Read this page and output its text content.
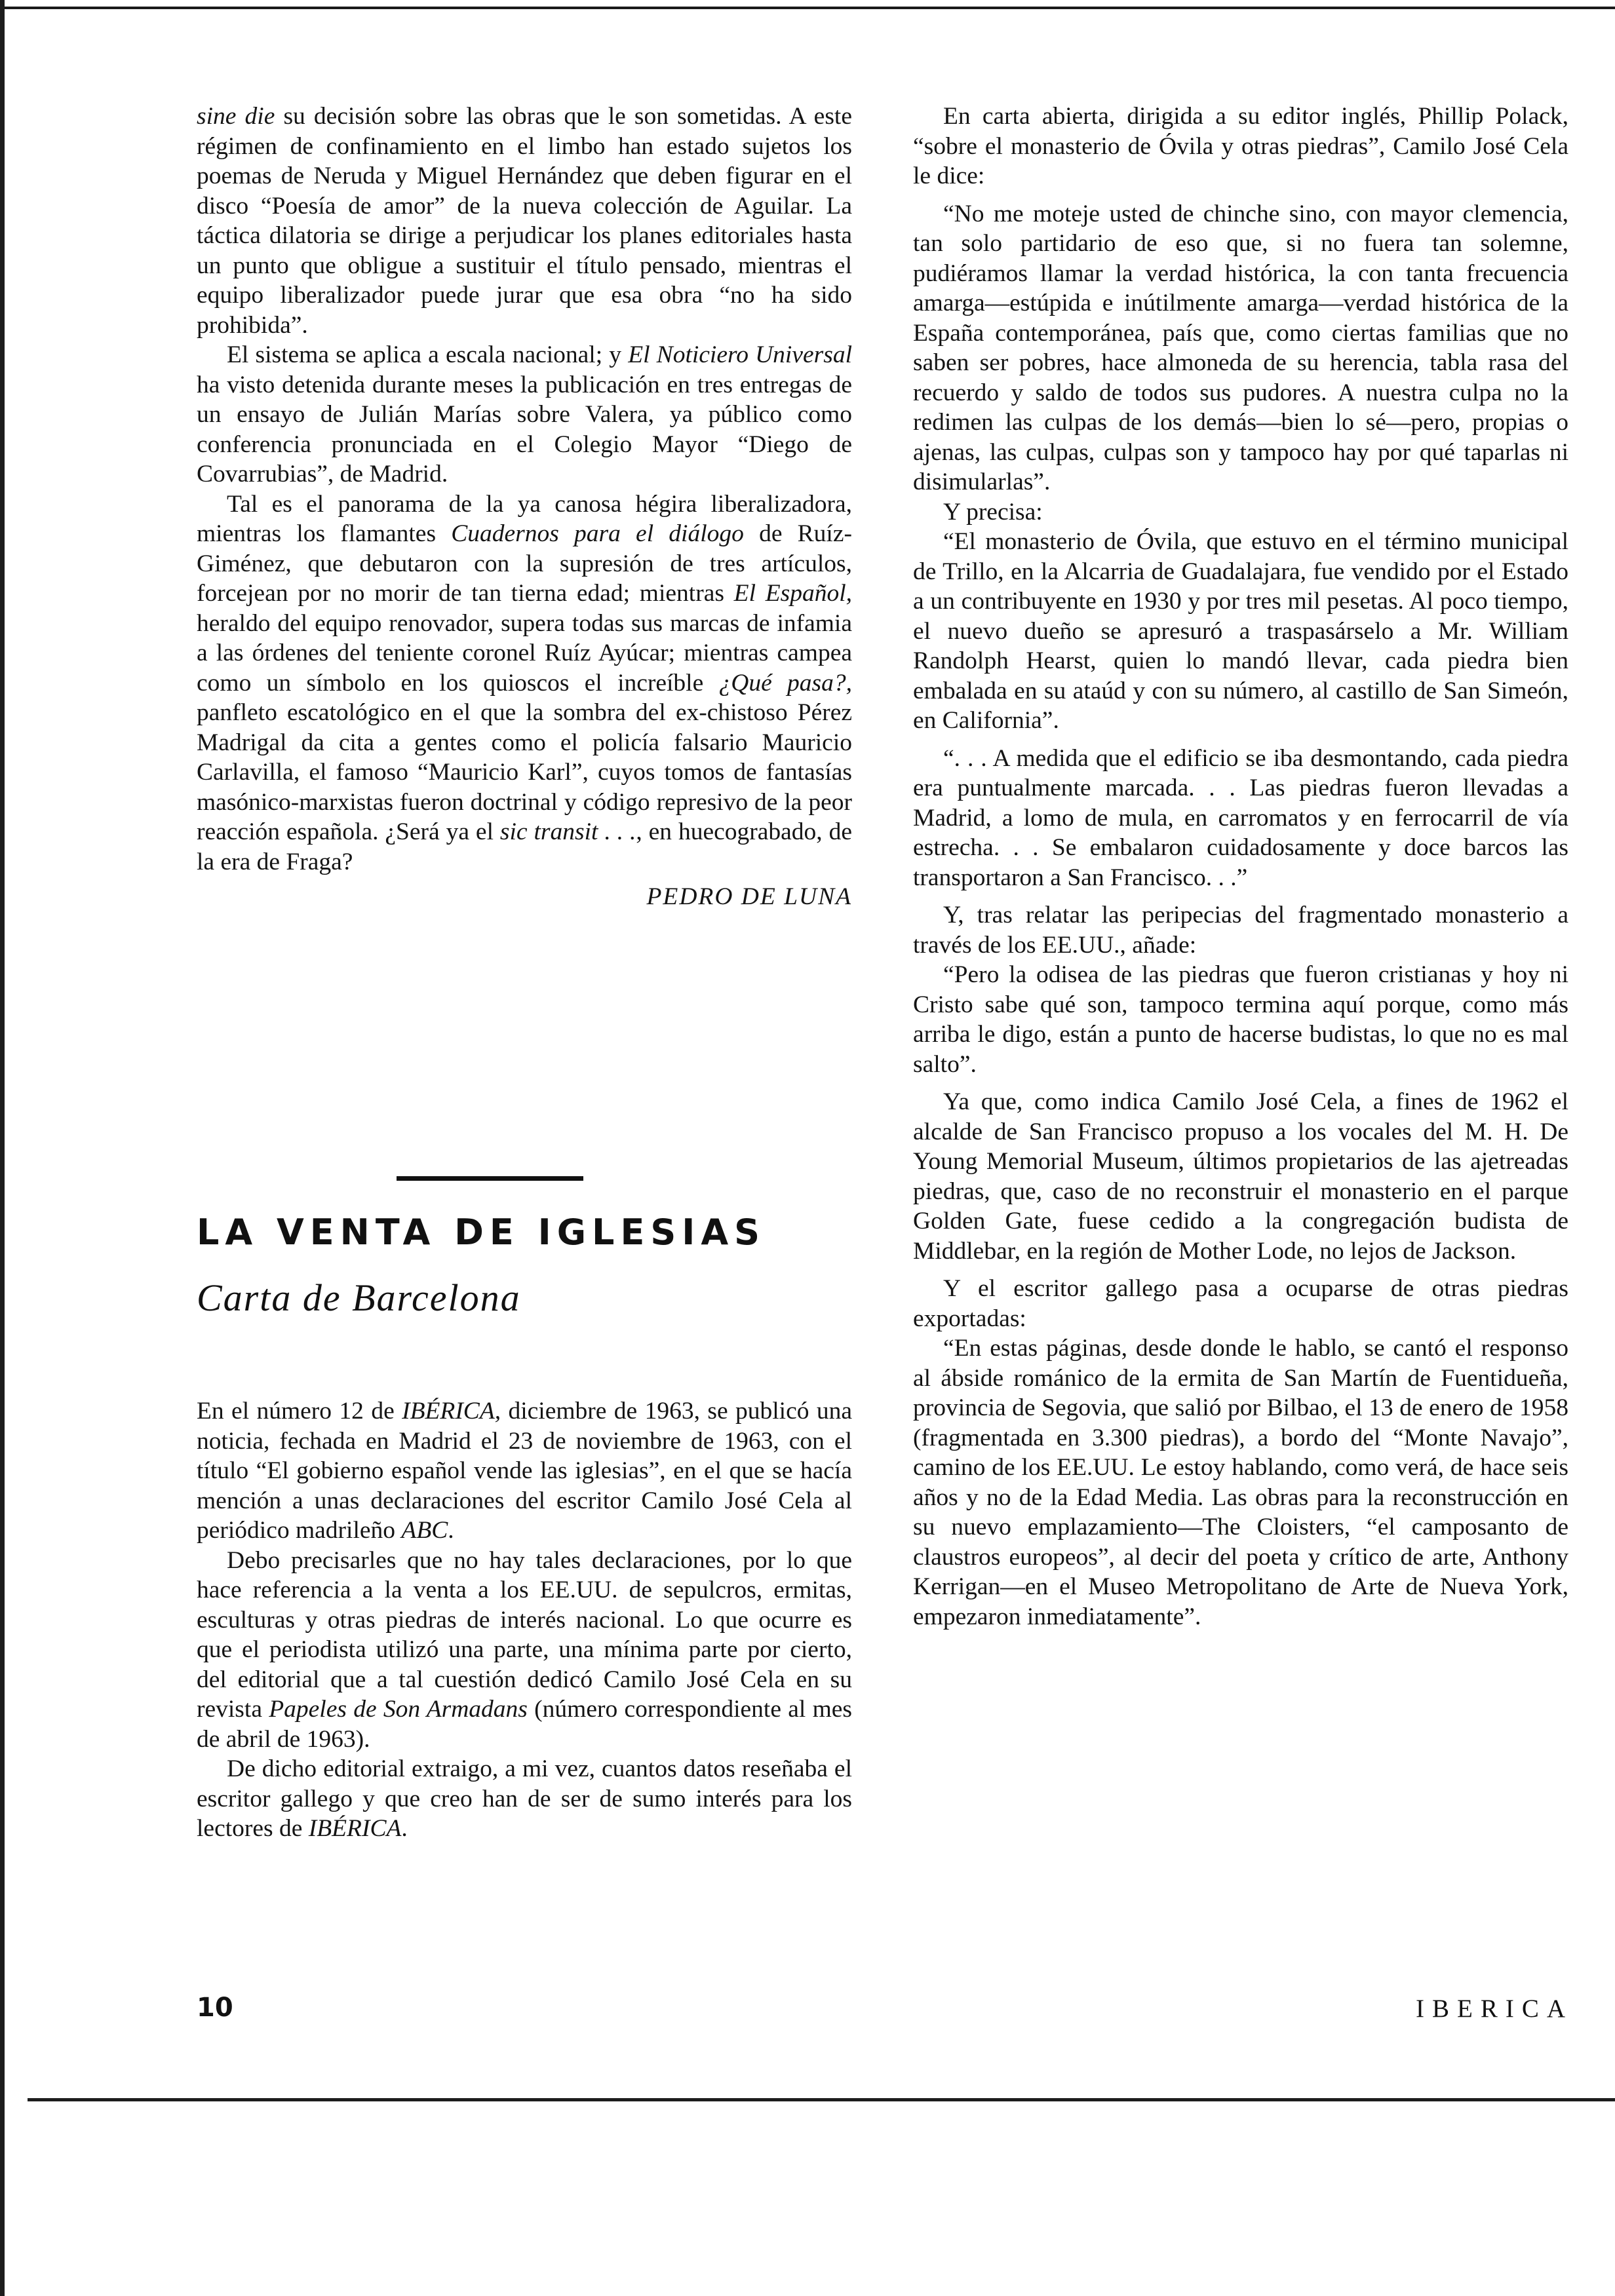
sine die su decisión sobre las obras que le son sometidas. A este régimen de confinamiento en el limbo han estado sujetos los poemas de Neruda y Miguel Hernández que deben figurar en el disco “Poesía de amor” de la nueva colección de Aguilar. La táctica dilatoria se dirige a perjudicar los planes editoriales hasta un punto que obligue a sustituir el título pensado, mientras el equipo liberalizador puede jurar que esa obra “no ha sido prohibida”.

El sistema se aplica a escala nacional; y El Noticiero Universal ha visto detenida durante meses la publicación en tres entregas de un ensayo de Julián Marías sobre Valera, ya público como conferencia pronunciada en el Colegio Mayor “Diego de Covarrubias”, de Madrid.

Tal es el panorama de la ya canosa hégira liberalizadora, mientras los flamantes Cuadernos para el diálogo de Ruíz-Giménez, que debutaron con la supresión de tres artículos, forcejean por no morir de tan tierna edad; mientras El Español, heraldo del equipo renovador, supera todas sus marcas de infamia a las órdenes del teniente coronel Ruíz Ayúcar; mientras campea como un símbolo en los quioscos el increíble ¿Qué pasa?, panfleto escatológico en el que la sombra del ex-chistoso Pérez Madrigal da cita a gentes como el policía falsario Mauricio Carlavilla, el famoso “Mauricio Karl”, cuyos tomos de fantasías masónico-marxistas fueron doctrinal y código represivo de la peor reacción española. ¿Será ya el sic transit . . ., en huecograbado, de la era de Fraga?

PEDRO DE LUNA
LA VENTA DE IGLESIAS
Carta de Barcelona

En el número 12 de IBÉRICA, diciembre de 1963, se publicó una noticia, fechada en Madrid el 23 de noviembre de 1963, con el título “El gobierno español vende las iglesias”, en el que se hacía mención a unas declaraciones del escritor Camilo José Cela al periódico madrileño ABC.

Debo precisarles que no hay tales declaraciones, por lo que hace referencia a la venta a los EE.UU. de sepulcros, ermitas, esculturas y otras piedras de interés nacional. Lo que ocurre es que el periodista utilizó una parte, una mínima parte por cierto, del editorial que a tal cuestión dedicó Camilo José Cela en su revista Papeles de Son Armadans (número correspondiente al mes de abril de 1963).

De dicho editorial extraigo, a mi vez, cuantos datos reseñaba el escritor gallego y que creo han de ser de sumo interés para los lectores de IBÉRICA.

En carta abierta, dirigida a su editor inglés, Phillip Polack, “sobre el monasterio de Óvila y otras piedras”, Camilo José Cela le dice:

“No me moteje usted de chinche sino, con mayor clemencia, tan solo partidario de eso que, si no fuera tan solemne, pudiéramos llamar la verdad histórica, la con tanta frecuencia amarga—estúpida e inútilmente amarga—verdad histórica de la España contemporánea, país que, como ciertas familias que no saben ser pobres, hace almoneda de su herencia, tabla rasa del recuerdo y saldo de todos sus pudores. A nuestra culpa no la redimen las culpas de los demás—bien lo sé—pero, propias o ajenas, las culpas, culpas son y tampoco hay por qué taparlas ni disimularlas”.

Y precisa:

“El monasterio de Óvila, que estuvo en el término municipal de Trillo, en la Alcarria de Guadalajara, fue vendido por el Estado a un contribuyente en 1930 y por tres mil pesetas. Al poco tiempo, el nuevo dueño se apresuró a traspasárselo a Mr. William Randolph Hearst, quien lo mandó llevar, cada piedra bien embalada en su ataúd y con su número, al castillo de San Simeón, en California”.

“. . . A medida que el edificio se iba desmontando, cada piedra era puntualmente marcada. . . Las piedras fueron llevadas a Madrid, a lomo de mula, en carromatos y en ferrocarril de vía estrecha. . . Se embalaron cuidadosamente y doce barcos las transportaron a San Francisco. . .”

Y, tras relatar las peripecias del fragmentado monasterio a través de los EE.UU., añade:

“Pero la odisea de las piedras que fueron cristianas y hoy ni Cristo sabe qué son, tampoco termina aquí porque, como más arriba le digo, están a punto de hacerse budistas, lo que no es mal salto”.

Ya que, como indica Camilo José Cela, a fines de 1962 el alcalde de San Francisco propuso a los vocales del M. H. De Young Memorial Museum, últimos propietarios de las ajetreadas piedras, que, caso de no reconstruir el monasterio en el parque Golden Gate, fuese cedido a la congregación budista de Middlebar, en la región de Mother Lode, no lejos de Jackson.

Y el escritor gallego pasa a ocuparse de otras piedras exportadas:

“En estas páginas, desde donde le hablo, se cantó el responso al ábside románico de la ermita de San Martín de Fuentidueña, provincia de Segovia, que salió por Bilbao, el 13 de enero de 1958 (fragmentada en 3.300 piedras), a bordo del “Monte Navajo”, camino de los EE.UU. Le estoy hablando, como verá, de hace seis años y no de la Edad Media. Las obras para la reconstrucción en su nuevo emplazamiento—The Cloisters, “el camposanto de claustros europeos”, al decir del poeta y crítico de arte, Anthony Kerrigan—en el Museo Metropolitano de Arte de Nueva York, empezaron inmediatamente”.

10	IBERICA
